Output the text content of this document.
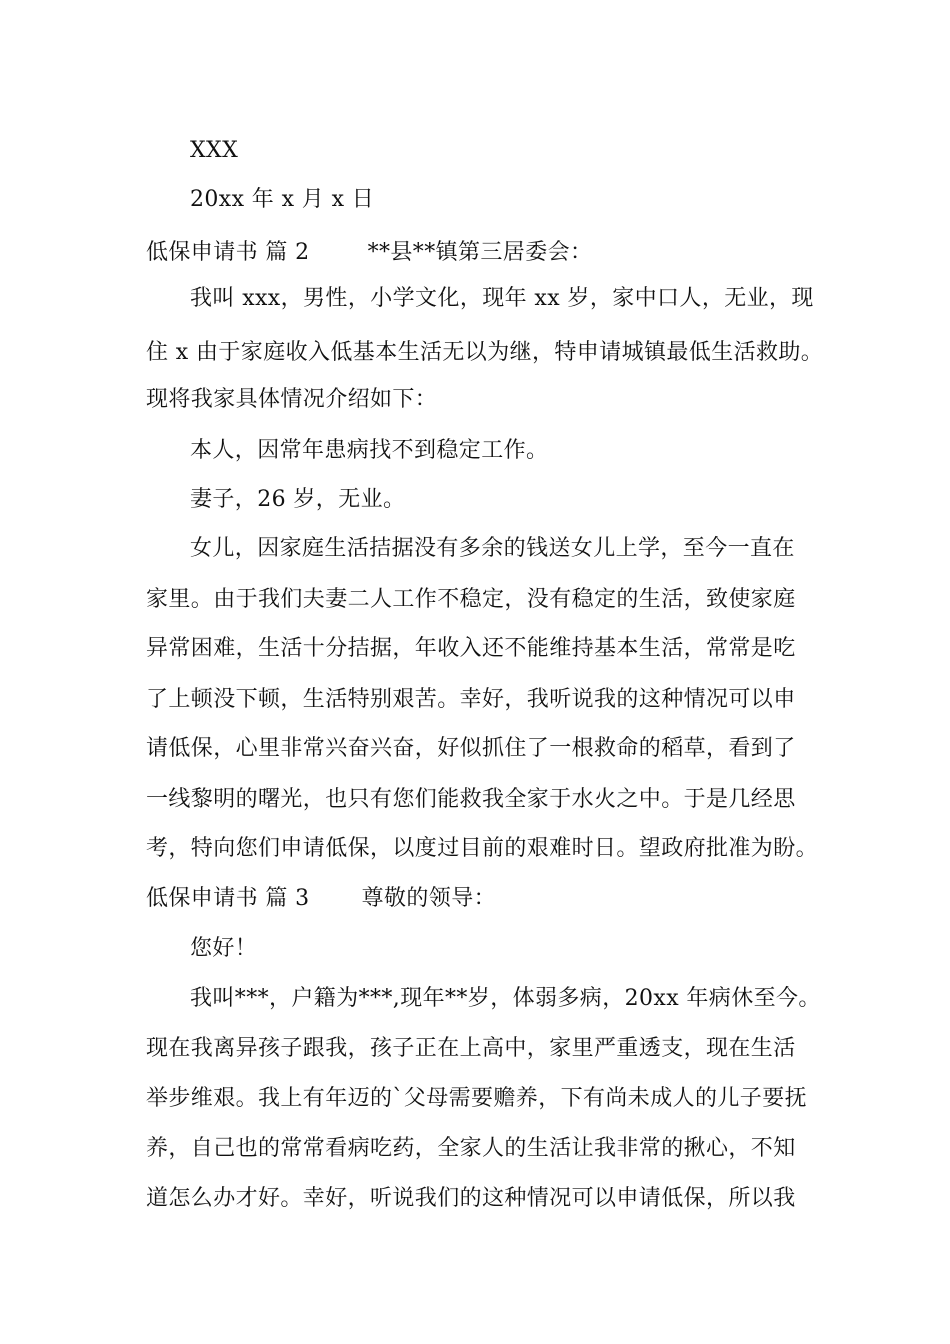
XXX
20xx 年 x 月 x 日
低保申请书 篇 2	**县**镇第三居委会：
我叫 xxx，男性，小学文化，现年 xx 岁，家中口人，无业，现
住 x 由于家庭收入低基本生活无以为继，特申请城镇最低生活救助。
现将我家具体情况介绍如下：
本人，因常年患病找不到稳定工作。
妻子，26 岁，无业。
女儿，因家庭生活拮据没有多余的钱送女儿上学，至今一直在
家里。由于我们夫妻二人工作不稳定，没有稳定的生活，致使家庭
异常困难，生活十分拮据，年收入还不能维持基本生活，常常是吃
了上顿没下顿，生活特别艰苦。幸好，我听说我的这种情况可以申
请低保，心里非常兴奋兴奋，好似抓住了一根救命的稻草，看到了
一线黎明的曙光，也只有您们能救我全家于水火之中。于是几经思
考，特向您们申请低保，以度过目前的艰难时日。望政府批准为盼。
低保申请书 篇 3 尊敬的领导：
您好！
我叫***，户籍为***,现年**岁，体弱多病，20xx 年病休至今。
现在我离异孩子跟我，孩子正在上高中，家里严重透支，现在生活
举步维艰。我上有年迈的`父母需要赡养，下有尚未成人的儿子要抚
养，自己也的常常看病吃药，全家人的生活让我非常的揪心，不知
道怎么办才好。幸好，听说我们的这种情况可以申请低保，所以我
